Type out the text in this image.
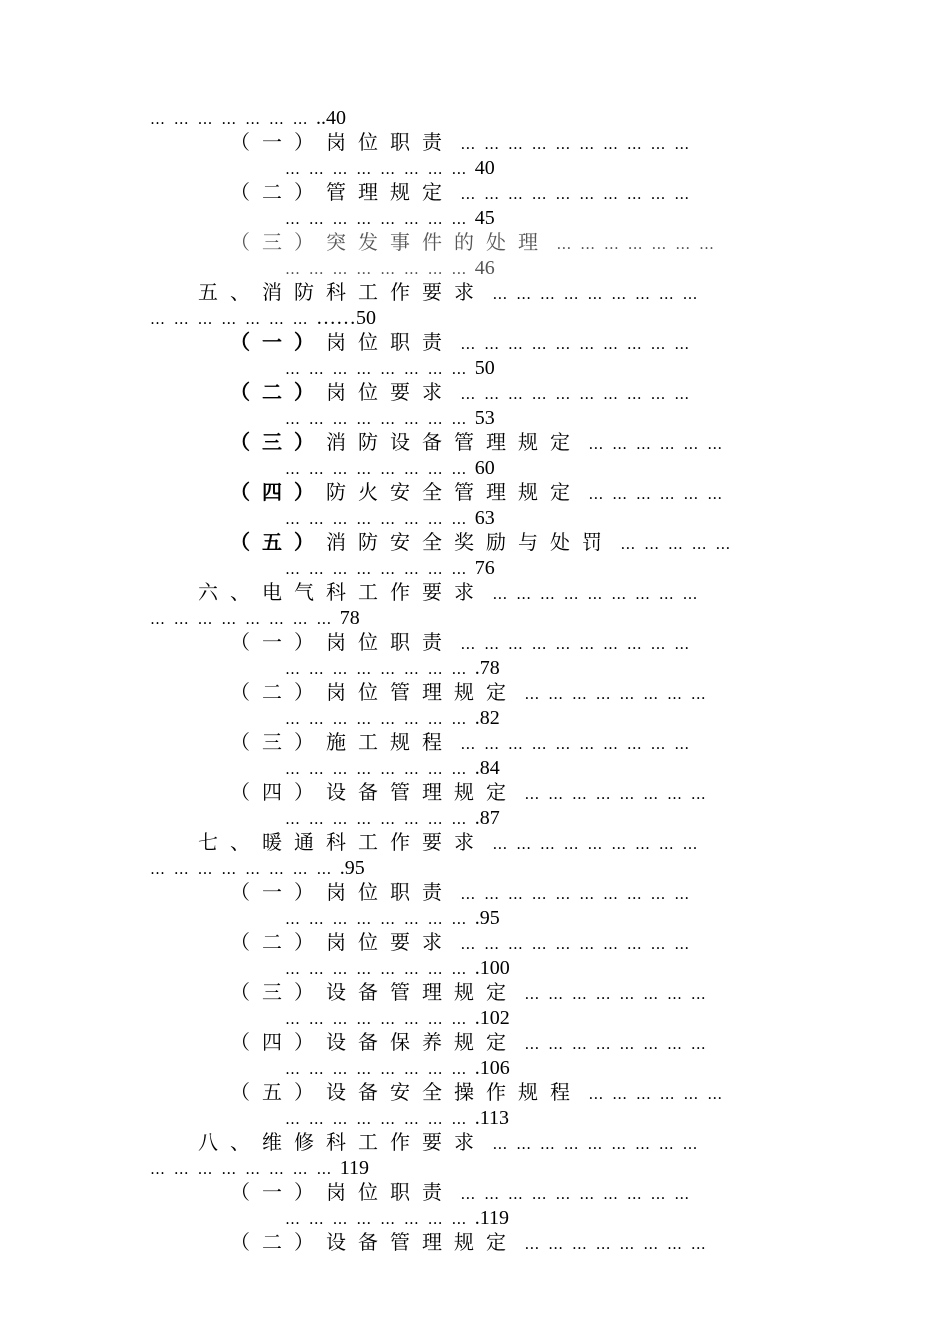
… … … … … … … ..40
（一）岗位职责 … … … … … … … … … …
… … … … … … … … 40
（二）管理规定 … … … … … … … … … …
… … … … … … … … 45
（三）突发事件的处理 … … … … … … …
… … … … … … … … 46
五、消防科工作要求 … … … … … … … … …
… … … … … … … ……50
（一）岗位职责 … … … … … … … … … …
… … … … … … … … 50
（二）岗位要求 … … … … … … … … … …
… … … … … … … … 53
（三）消防设备管理规定 … … … … … …
… … … … … … … … 60
（四）防火安全管理规定 … … … … … …
… … … … … … … … 63
（五）消防安全奖励与处罚 … … … … …
… … … … … … … … 76
六、电气科工作要求 … … … … … … … … …
… … … … … … … … 78
（一）岗位职责 … … … … … … … … … …
… … … … … … … … .78
（二）岗位管理规定 … … … … … … … …
… … … … … … … … .82
（三）施工规程 … … … … … … … … … …
… … … … … … … … .84
（四）设备管理规定 … … … … … … … …
… … … … … … … … .87
七、暖通科工作要求 … … … … … … … … …
… … … … … … … … .95
（一）岗位职责 … … … … … … … … … …
… … … … … … … … .95
（二）岗位要求 … … … … … … … … … …
… … … … … … … … .100
（三）设备管理规定 … … … … … … … …
… … … … … … … … .102
（四）设备保养规定 … … … … … … … …
… … … … … … … … .106
（五）设备安全操作规程 … … … … … …
… … … … … … … … .113
八、维修科工作要求 … … … … … … … … …
… … … … … … … … 119
（一）岗位职责 … … … … … … … … … …
… … … … … … … … .119
（二）设备管理规定 … … … … … … … …
